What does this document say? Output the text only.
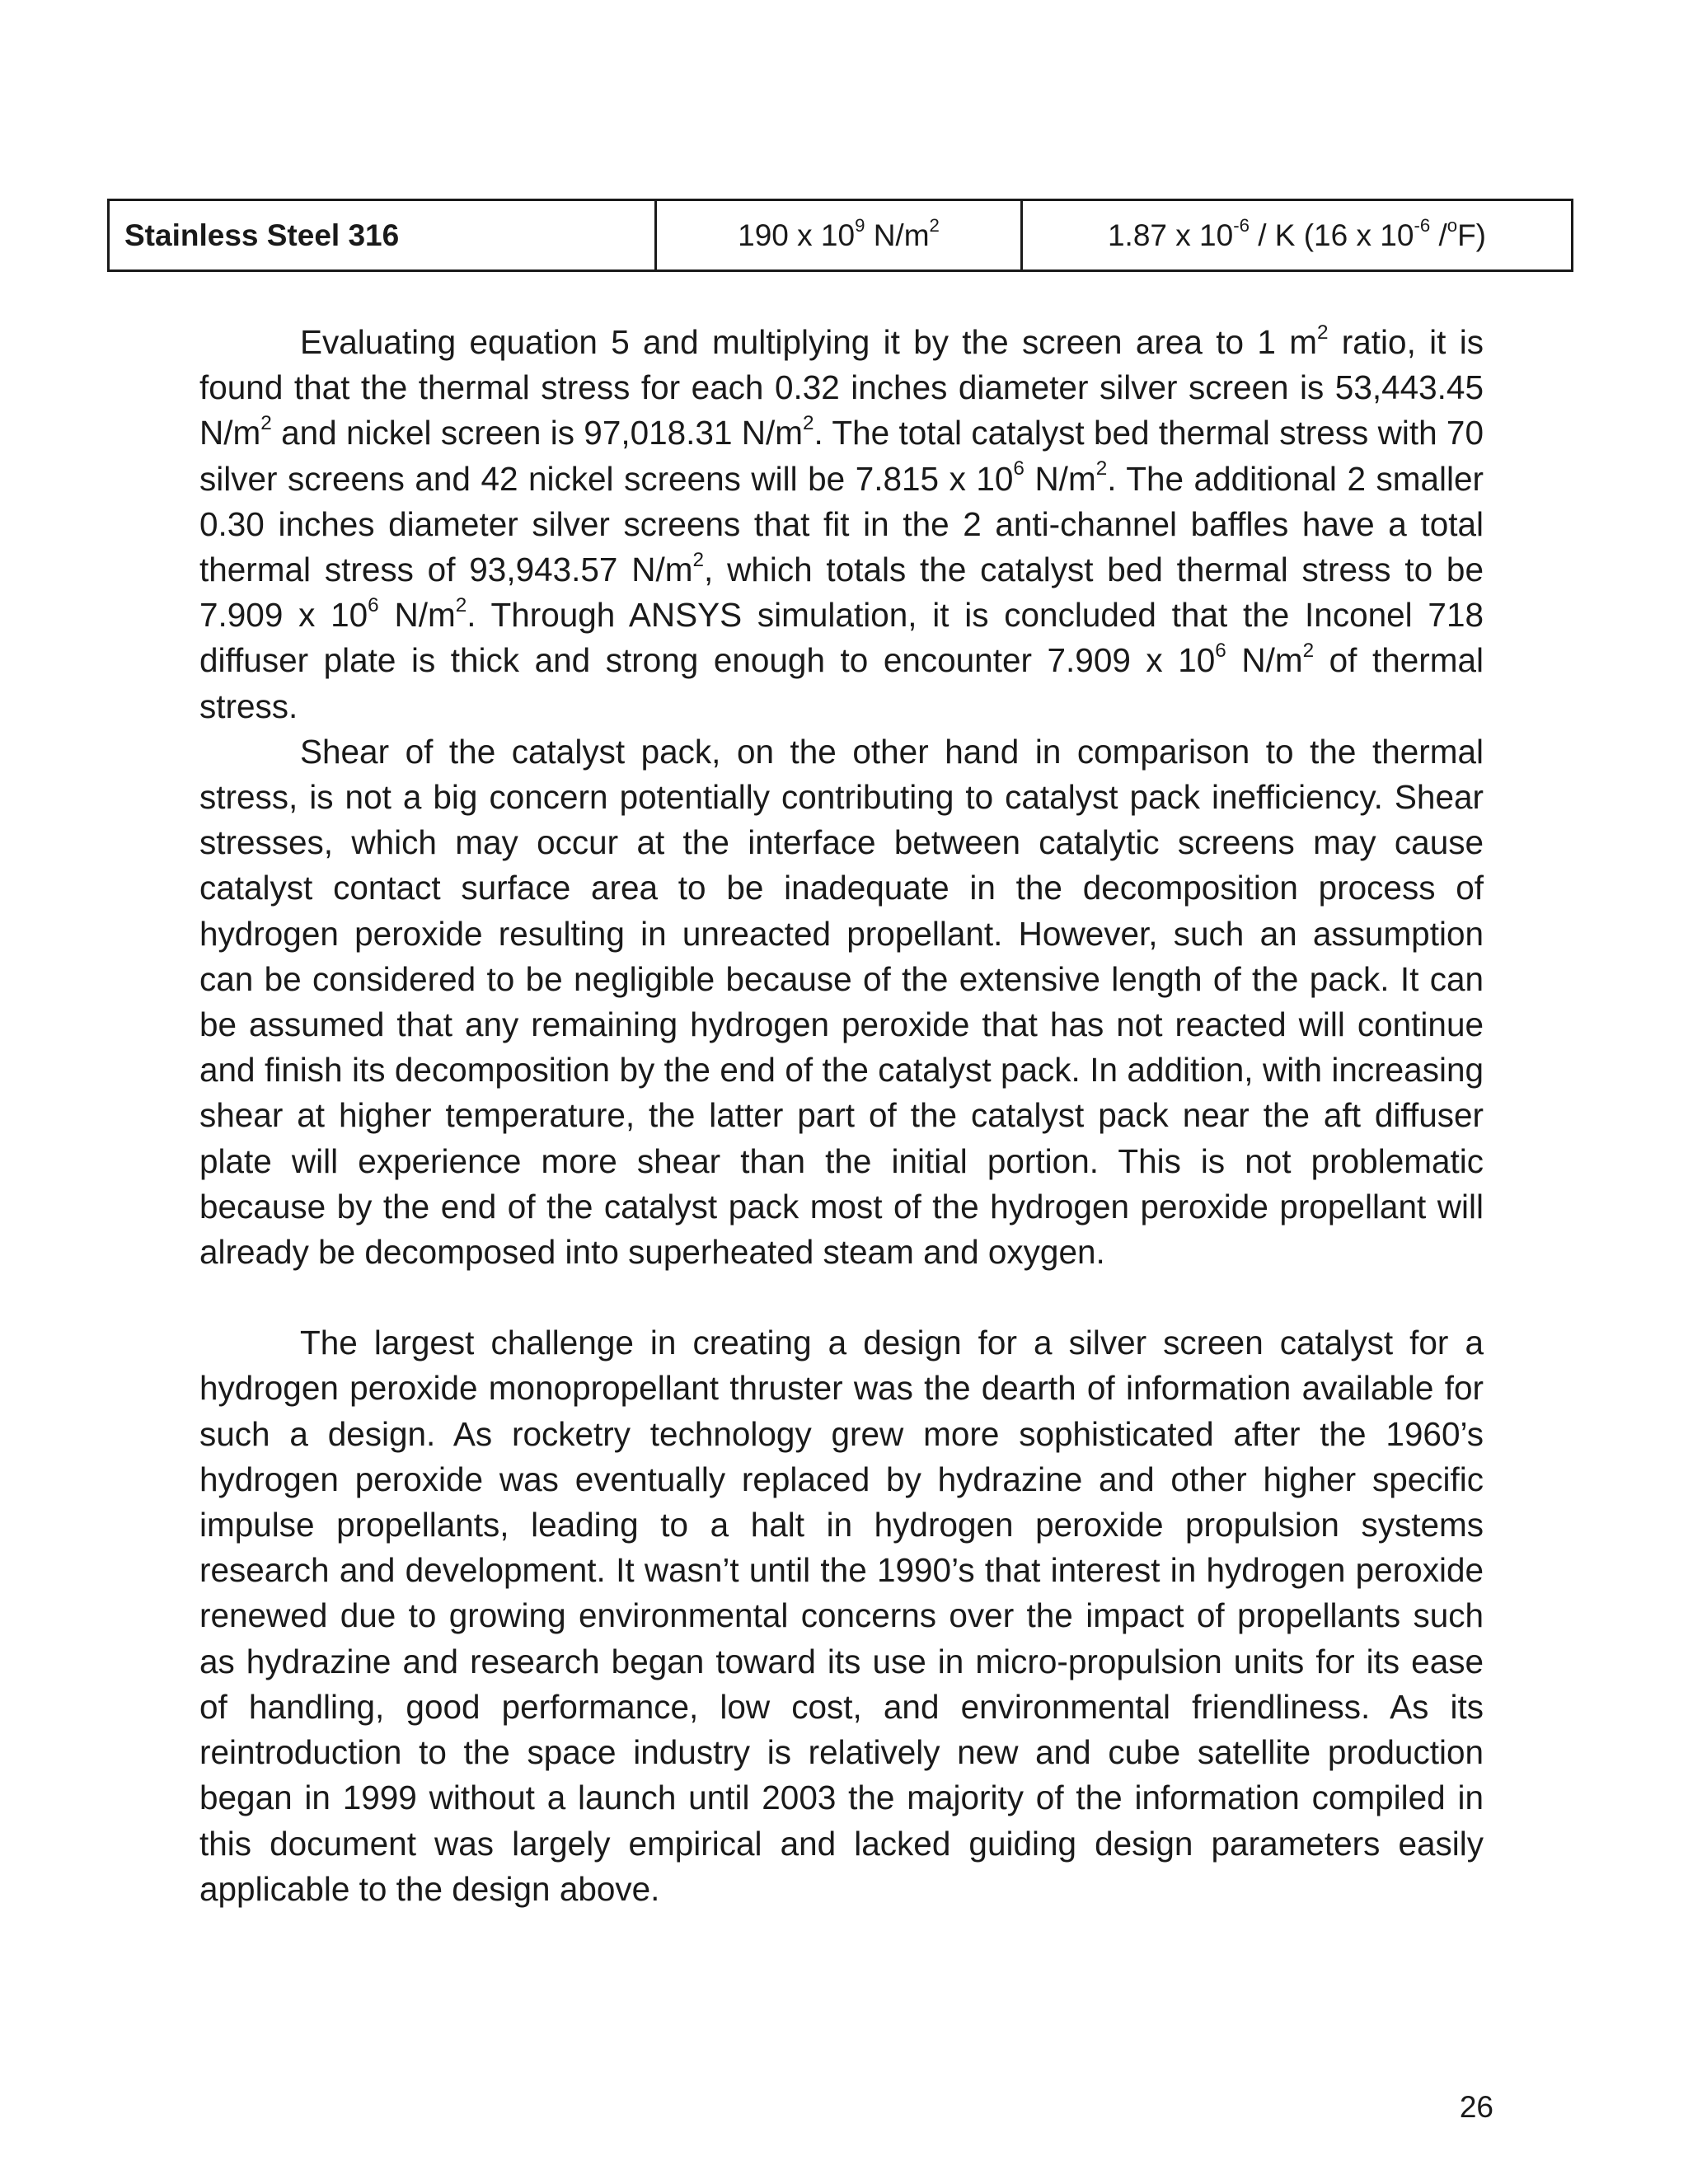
Stainless Steel 316	190 x $10^9$ $N/m^2$	1.87 x $10^{-6}$ / K (16 x $10^{-6}$ /$^o$F)

Evaluating equation 5 and multiplying it by the screen area to 1 $m^2$ ratio, it is found that the thermal stress for each 0.32 inches diameter silver screen is 53,443.45 $N/m^2$ and nickel screen is 97,018.31 $N/m^2$. The total catalyst bed thermal stress with 70 silver screens and 42 nickel screens will be 7.815 x $10^6$ $N/m^2$. The additional 2 smaller 0.30 inches diameter silver screens that fit in the 2 anti-channel baffles have a total thermal stress of 93,943.57 $N/m^2$, which totals the catalyst bed thermal stress to be 7.909 x $10^6$ $N/m^2$. Through ANSYS simulation, it is concluded that the Inconel 718 diffuser plate is thick and strong enough to encounter 7.909 x $10^6$ $N/m^2$ of thermal stress.

Shear of the catalyst pack, on the other hand in comparison to the thermal stress, is not a big concern potentially contributing to catalyst pack inefficiency. Shear stresses, which may occur at the interface between catalytic screens may cause catalyst contact surface area to be inadequate in the decomposition process of hydrogen peroxide resulting in unreacted propellant. However, such an assumption can be considered to be negligible because of the extensive length of the pack. It can be assumed that any remaining hydrogen peroxide that has not reacted will continue and finish its decomposition by the end of the catalyst pack. In addition, with increasing shear at higher temperature, the latter part of the catalyst pack near the aft diffuser plate will experience more shear than the initial portion. This is not problematic because by the end of the catalyst pack most of the hydrogen peroxide propellant will already be decomposed into superheated steam and oxygen.

The largest challenge in creating a design for a silver screen catalyst for a hydrogen peroxide monopropellant thruster was the dearth of information available for such a design. As rocketry technology grew more sophisticated after the 1960’s hydrogen peroxide was eventually replaced by hydrazine and other higher specific impulse propellants, leading to a halt in hydrogen peroxide propulsion systems research and development. It wasn’t until the 1990’s that interest in hydrogen peroxide renewed due to growing environmental concerns over the impact of propellants such as hydrazine and research began toward its use in micro-propulsion units for its ease of handling, good performance, low cost, and environmental friendliness. As its reintroduction to the space industry is relatively new and cube satellite production began in 1999 without a launch until 2003 the majority of the information compiled in this document was largely empirical and lacked guiding design parameters easily applicable to the design above.

26
